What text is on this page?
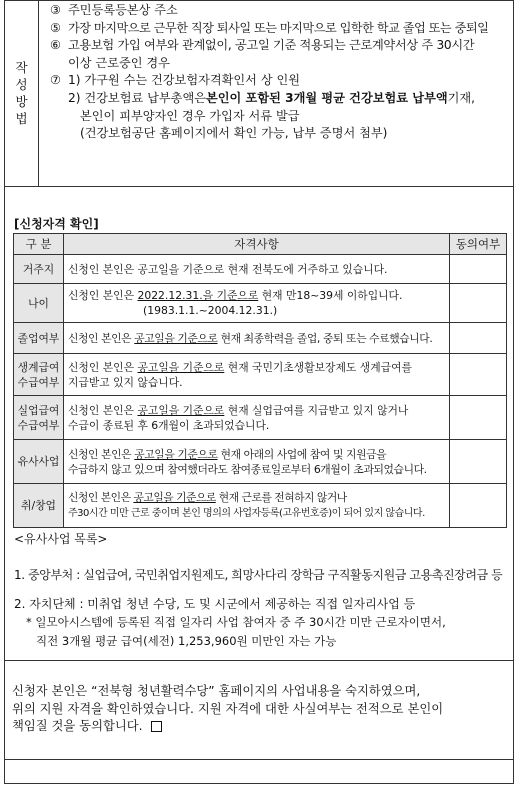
작
성
방
법
③ 주민등록등본상 주소
⑤ 가장 마지막으로 근무한 직장 퇴사일 또는 마지막으로 입학한 학교 졸업 또는 중퇴일
⑥ 고용보험 가입 여부와 관계없이, 공고일 기준 적용되는 근로계약서상 주 30시간
이상 근로중인 경우
⑦ 1) 가구원 수는 건강보험자격확인서 상 인원
2) 건강보험료 납부총액은 본인이 포함된 3개월 평균 건강보험료 납부액 기재,
본인이 피부양자인 경우 가입자 서류 발급
(건강보험공단 홈페이지에서 확인 가능, 납부 증명서 첨부)
[신청자격 확인]
구 분	자격사항	동의여부
거주지	신청인 본인은 공고일을 기준으로 현재 전북도에 거주하고 있습니다.	
나이	신청인 본인은 2022.12.31.을 기준으로 현재 만18~39세 이하입니다.
(1983.1.1.~2004.12.31.)	

졸업여부	신청인 본인은 공고일을 기준으로 현재 최종학력을 졸업, 중퇴 또는 수료했습니다.	
생계급여
수급여부	신청인 본인은 공고일을 기준으로 현재 국민기초생활보장제도 생계급여를
지급받고 있지 않습니다.	
실업급여
수급여부	신청인 본인은 공고일을 기준으로 현재 실업급여를 지급받고 있지 않거나
수급이 종료된 후 6개월이 초과되었습니다.	
유사사업	신청인 본인은 공고일을 기준으로 현재 아래의 사업에 참여 및 지원금을
수급하지 않고 있으며 참여했더라도 참여종료일로부터 6개월이 초과되었습니다.	
취/창업	신청인 본인은 공고일을 기준으로 현재 근로를 전혀하지 않거나
주30시간 미만 근로 중이며 본인 명의의 사업자등록(고유번호증)이 되어 있지 않습니다.	
<유사사업 목록>
1. 중앙부처 : 실업급여, 국민취업지원제도, 희망사다리 장학금 구직활동지원금 고용촉진장려금 등
2. 자치단체 : 미취업 청년 수당, 도 및 시군에서 제공하는 직접 일자리사업 등
* 일모아시스템에 등록된 직접 일자리 사업 참여자 중 주 30시간 미만 근로자이면서,
직전 3개월 평균 급여(세전) 1,253,960원 미만인 자는 가능
신청자 본인은 “전북형 청년활력수당” 홈페이지의 사업내용을 숙지하였으며,
위의 지원 자격을 확인하였습니다. 지원 자격에 대한 사실여부는 전적으로 본인이
책임질 것을 동의합니다.
